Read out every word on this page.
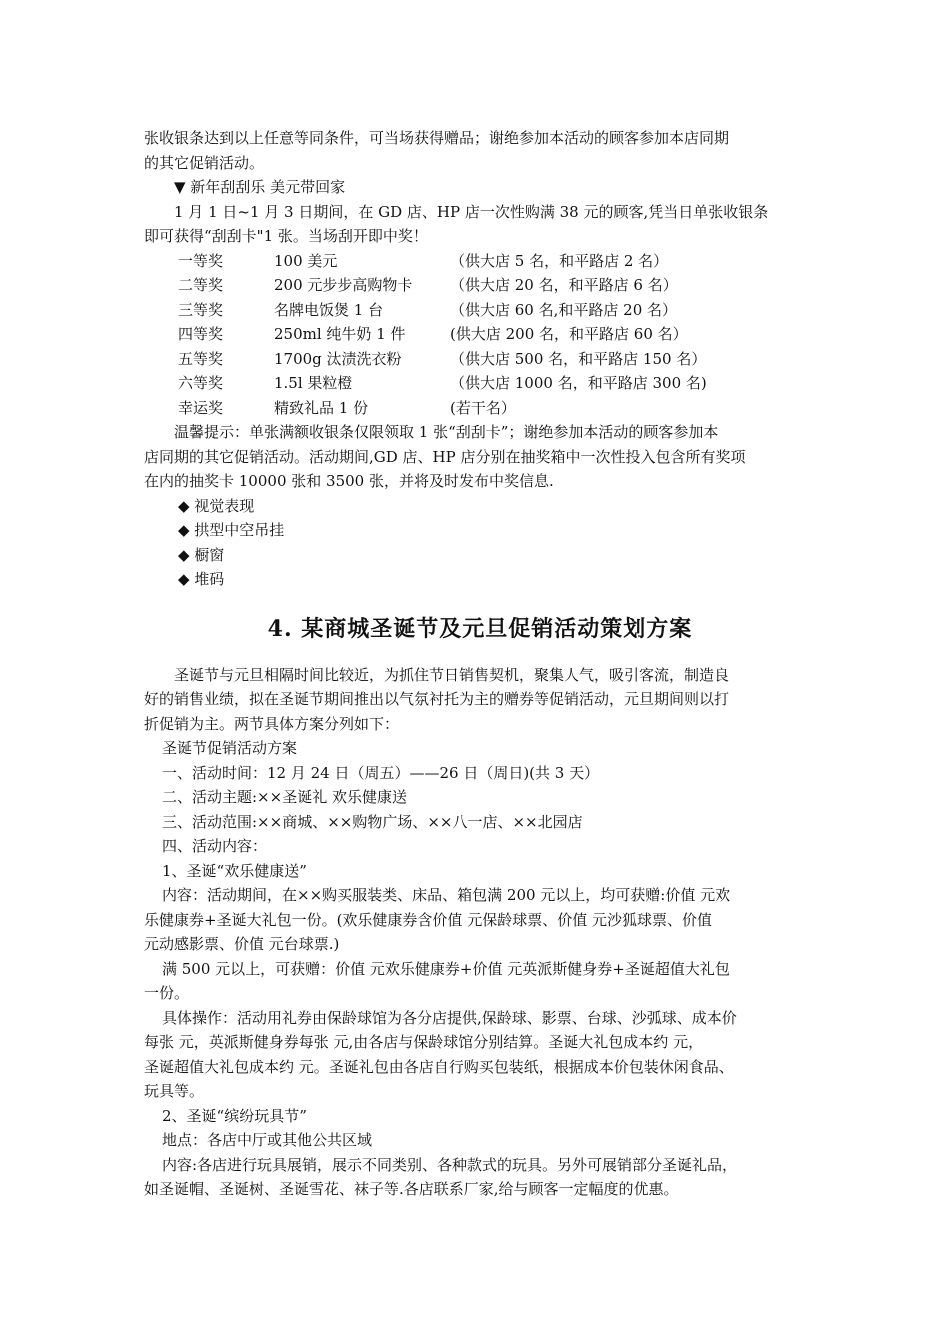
张收银条达到以上任意等同条件，可当场获得赠品；谢绝参加本活动的顾客参加本店同期
的其它促销活动。
▼ 新年刮刮乐 美元带回家
1 月 1 日~1 月 3 日期间，在 GD 店、HP 店一次性购满 38 元的顾客,凭当日单张收银条
即可获得“刮刮卡"1 张。当场刮开即中奖！
一等奖	100 美元	（供大店 5 名，和平路店 2 名）
二等奖	200 元步步高购物卡	（供大店 20 名，和平路店 6 名）
三等奖	名牌电饭煲 1 台	（供大店 60 名,和平路店 20 名）
四等奖	250ml 纯牛奶 1 件	(供大店 200 名，和平路店 60 名）
五等奖	1700g 汰渍洗衣粉	（供大店 500 名，和平路店 150 名）
六等奖	1.5l 果粒橙	（供大店 1000 名，和平路店 300 名)
幸运奖	精致礼品 1 份	(若干名）
温馨提示：单张满额收银条仅限领取 1 张“刮刮卡”；谢绝参加本活动的顾客参加本
店同期的其它促销活动。活动期间,GD 店、HP 店分别在抽奖箱中一次性投入包含所有奖项
在内的抽奖卡 10000 张和 3500 张，并将及时发布中奖信息.
◆ 视觉表现
◆ 拱型中空吊挂
◆ 橱窗
◆ 堆码
4. 某商城圣诞节及元旦促销活动策划方案
圣诞节与元旦相隔时间比较近，为抓住节日销售契机，聚集人气，吸引客流，制造良
好的销售业绩，拟在圣诞节期间推出以气氛衬托为主的赠券等促销活动，元旦期间则以打
折促销为主。两节具体方案分列如下：
圣诞节促销活动方案
一、活动时间：12 月 24 日（周五）——26 日（周日)(共 3 天）
二、活动主题:××圣诞礼 欢乐健康送
三、活动范围:××商城、××购物广场、××八一店、××北园店
四、活动内容：
1、圣诞“欢乐健康送”
内容：活动期间，在××购买服装类、床品、箱包满 200 元以上，均可获赠:价值 元欢
乐健康券+圣诞大礼包一份。(欢乐健康券含价值 元保龄球票、价值 元沙狐球票、价值
元动感影票、价值 元台球票.)
满 500 元以上，可获赠：价值 元欢乐健康券+价值 元英派斯健身券+圣诞超值大礼包
一份。
具体操作：活动用礼券由保龄球馆为各分店提供,保龄球、影票、台球、沙弧球、成本价
每张 元，英派斯健身券每张 元,由各店与保龄球馆分别结算。圣诞大礼包成本约 元，
圣诞超值大礼包成本约 元。圣诞礼包由各店自行购买包装纸，根据成本价包装休闲食品、
玩具等。
2、圣诞“缤纷玩具节”
地点：各店中厅或其他公共区域
内容:各店进行玩具展销，展示不同类别、各种款式的玩具。另外可展销部分圣诞礼品，
如圣诞帽、圣诞树、圣诞雪花、袜子等.各店联系厂家,给与顾客一定幅度的优惠。
